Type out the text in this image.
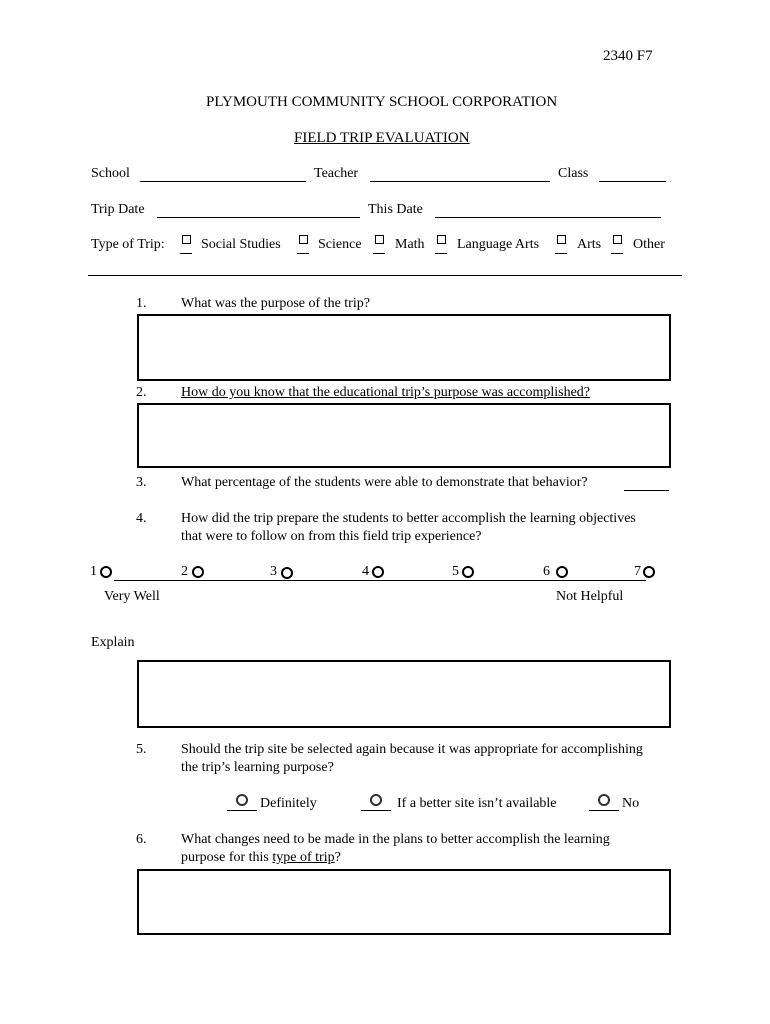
2340 F7
PLYMOUTH COMMUNITY SCHOOL CORPORATION
FIELD TRIP EVALUATION
School	Teacher	Class
Trip Date	This Date
Type of Trip:	Social Studies	Science Math Language Arts	Arts Other
1. What was the purpose of the trip?
2. How do you know that the educational trip’s purpose was accomplished?
3. What percentage of the students were able to demonstrate that behavior?
4. How did the trip prepare the students to better accomplish the learning objectives
that were to follow on from this field trip experience?
1	2	3	4	5	6	7
Very Well	Not Helpful
Explain
5. Should the trip site be selected again because it was appropriate for accomplishing
the trip’s learning purpose?
Definitely	If a better site isn’t available	No
6. What changes need to be made in the plans to better accomplish the learning
purpose for this type of trip?
